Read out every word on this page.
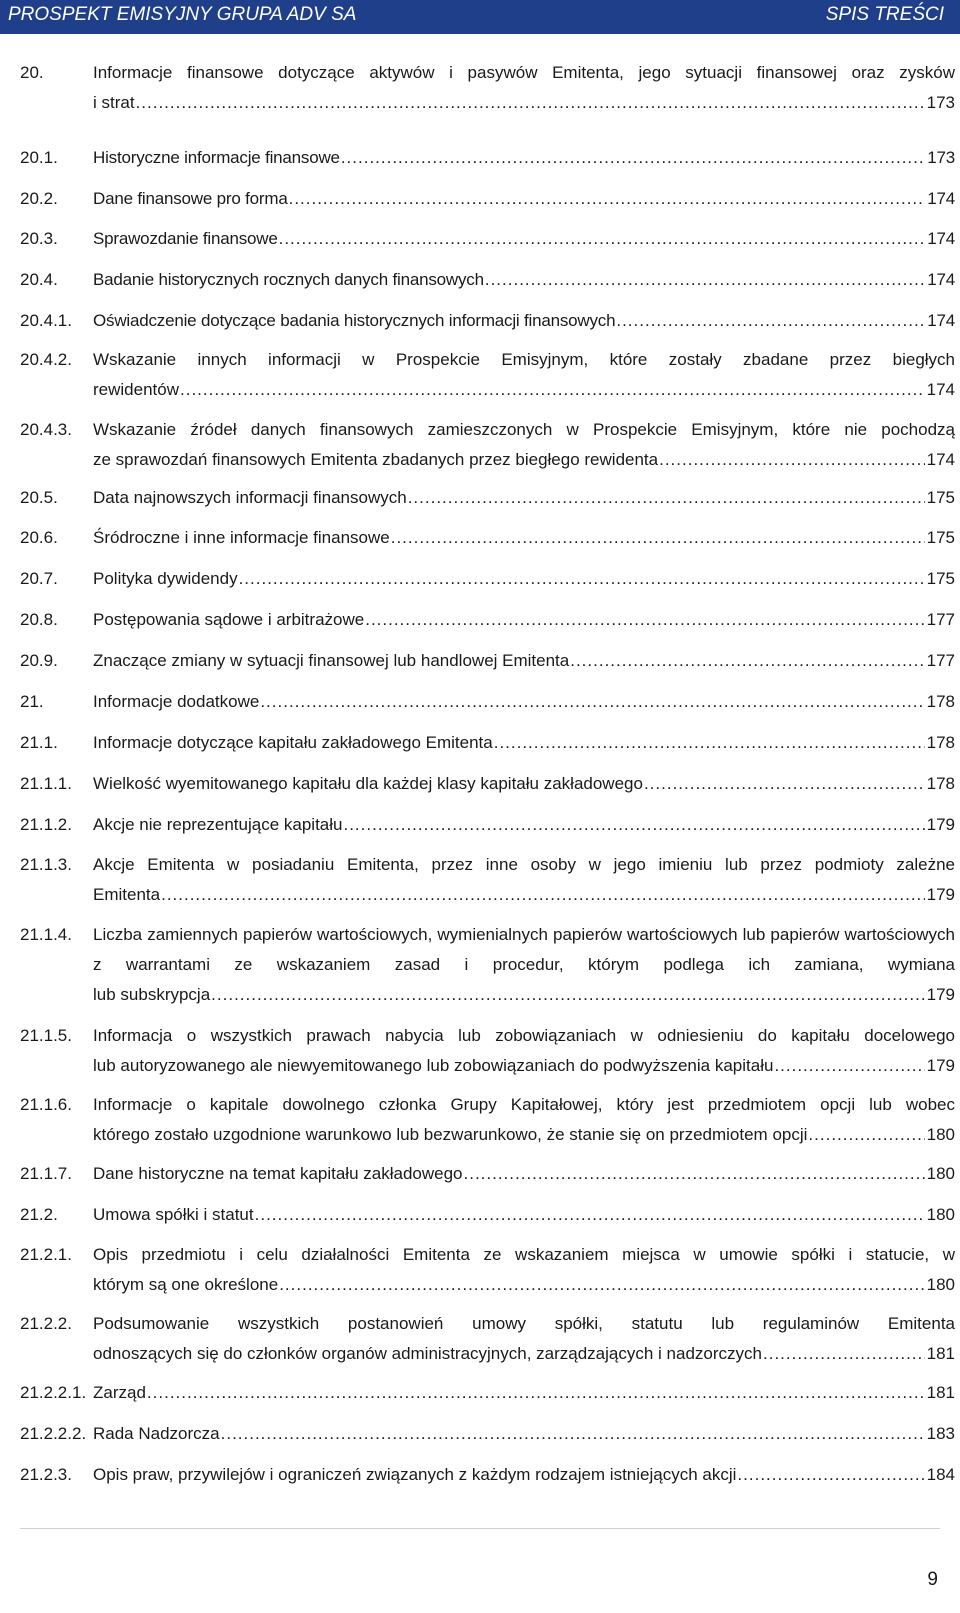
PROSPEKT EMISYJNY GRUPA ADV SA	SPIS TREŚCI
20.	Informacje finansowe dotyczące aktywów i pasywów Emitenta, jego sytuacji finansowej oraz zysków
i strat .....	173
20.1. Historyczne informacje finansowe .....	173
20.2. Dane finansowe pro forma .....	174
20.3. Sprawozdanie finansowe .....	174
20.4. Badanie historycznych rocznych danych finansowych .....	174
20.4.1. Oświadczenie dotyczące badania historycznych informacji finansowych .....	174
20.4.2. Wskazanie innych informacji w Prospekcie Emisyjnym, które zostały zbadane przez biegłych
rewidentów .....	174
20.4.3. Wskazanie źródeł danych finansowych zamieszczonych w Prospekcie Emisyjnym, które nie pochodzą
ze sprawozdań finansowych Emitenta zbadanych przez biegłego rewidenta .....	174
20.5. Data najnowszych informacji finansowych .....	175
20.6. Śródroczne i inne informacje finansowe .....	175
20.7. Polityka dywidendy .....	175
20.8. Postępowania sądowe i arbitrażowe .....	177
20.9. Znaczące zmiany w sytuacji finansowej lub handlowej Emitenta .....	177
21.	Informacje dodatkowe .....	178
21.1. Informacje dotyczące kapitału zakładowego Emitenta .....	178
21.1.1. Wielkość wyemitowanego kapitału dla każdej klasy kapitału zakładowego .....	178
21.1.2. Akcje nie reprezentujące kapitału .....	179
21.1.3. Akcje Emitenta w posiadaniu Emitenta, przez inne osoby w jego imieniu lub przez podmioty zależne
Emitenta .....	179
21.1.4. Liczba zamiennych papierów wartościowych, wymienialnych papierów wartościowych lub papierów wartościowych z warrantami ze wskazaniem zasad i procedur, którym podlega ich zamiana, wymiana
lub subskrypcja .....	179
21.1.5. Informacja o wszystkich prawach nabycia lub zobowiązaniach w odniesieniu do kapitału docelowego
lub autoryzowanego ale niewyemitowanego lub zobowiązaniach do podwyższenia kapitału .....	179
21.1.6. Informacje o kapitale dowolnego członka Grupy Kapitałowej, który jest przedmiotem opcji lub wobec
którego zostało uzgodnione warunkowo lub bezwarunkowo, że stanie się on przedmiotem opcji .....	180
21.1.7. Dane historyczne na temat kapitału zakładowego .....	180
21.2. Umowa spółki i statut .....	180
21.2.1. Opis przedmiotu i celu działalności Emitenta ze wskazaniem miejsca w umowie spółki i statucie, w
którym są one określone .....	180
21.2.2. Podsumowanie wszystkich postanowień umowy spółki, statutu lub regulaminów Emitenta
odnoszących się do członków organów administracyjnych, zarządzających i nadzorczych .....	181
21.2.2.1. Zarząd .....	181
21.2.2.2. Rada Nadzorcza .....	183
21.2.3. Opis praw, przywilejów i ograniczeń związanych z każdym rodzajem istniejących akcji .....	184
9
